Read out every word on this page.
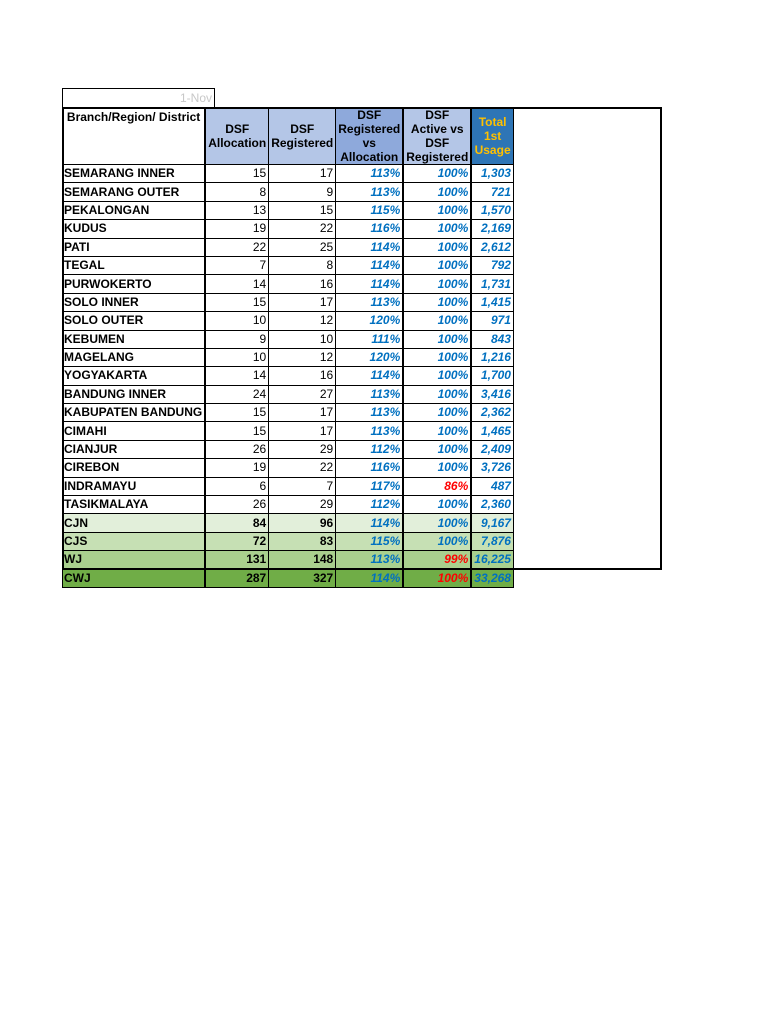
1-Nov
Branch/Region/ District	DSF Allocation	DSF Registered	DSF Registered vs Allocation	DSF Active vs DSF Registered	Total 1st Usage
SEMARANG INNER	15	17	113%	100%	1,303
SEMARANG OUTER	8	9	113%	100%	721
PEKALONGAN	13	15	115%	100%	1,570
KUDUS	19	22	116%	100%	2,169
PATI	22	25	114%	100%	2,612
TEGAL	7	8	114%	100%	792
PURWOKERTO	14	16	114%	100%	1,731
SOLO INNER	15	17	113%	100%	1,415
SOLO OUTER	10	12	120%	100%	971
KEBUMEN	9	10	111%	100%	843
MAGELANG	10	12	120%	100%	1,216
YOGYAKARTA	14	16	114%	100%	1,700
BANDUNG INNER	24	27	113%	100%	3,416
KABUPATEN BANDUNG	15	17	113%	100%	2,362
CIMAHI	15	17	113%	100%	1,465
CIANJUR	26	29	112%	100%	2,409
CIREBON	19	22	116%	100%	3,726
INDRAMAYU	6	7	117%	86%	487
TASIKMALAYA	26	29	112%	100%	2,360
CJN	84	96	114%	100%	9,167
CJS	72	83	115%	100%	7,876
WJ	131	148	113%	99%	16,225
CWJ	287	327	114%	100%	33,268
